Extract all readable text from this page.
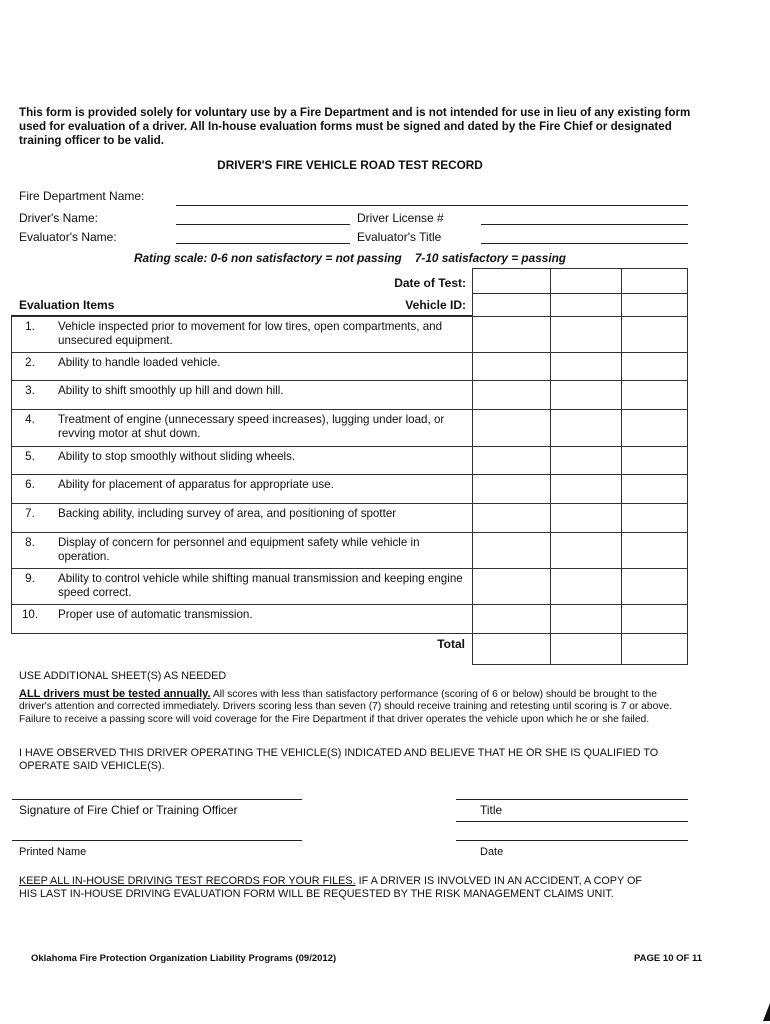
This form is provided solely for voluntary use by a Fire Department and is not intended for use in lieu of any existing form used for evaluation of a driver. All In-house evaluation forms must be signed and dated by the Fire Chief or designated training officer to be valid.
DRIVER'S FIRE VEHICLE ROAD TEST RECORD
Fire Department Name:
Driver's Name:	Driver License #
Evaluator's Name:	Evaluator's Title
Rating scale: 0-6 non satisfactory = not passing    7-10 satisfactory = passing
Date of Test:
Evaluation Items	Vehicle ID:
1.	Vehicle inspected prior to movement for low tires, open compartments, and unsecured equipment.
2.	Ability to handle loaded vehicle.
3.	Ability to shift smoothly up hill and down hill.
4.	Treatment of engine (unnecessary speed increases), lugging under load, or revving motor at shut down.
5.	Ability to stop smoothly without sliding wheels.
6.	Ability for placement of apparatus for appropriate use.
7.	Backing ability, including survey of area, and positioning of spotter
8.	Display of concern for personnel and equipment safety while vehicle in operation.
9.	Ability to control vehicle while shifting manual transmission and keeping engine speed correct.
10.	Proper use of automatic transmission.
Total
USE ADDITIONAL SHEET(S) AS NEEDED
ALL drivers must be tested annually. All scores with less than satisfactory performance (scoring of 6 or below) should be brought to the driver's attention and corrected immediately. Drivers scoring less than seven (7) should receive training and retesting until scoring is 7 or above. Failure to receive a passing score will void coverage for the Fire Department if that driver operates the vehicle upon which he or she failed.
I HAVE OBSERVED THIS DRIVER OPERATING THE VEHICLE(S) INDICATED AND BELIEVE THAT HE OR SHE IS QUALIFIED TO OPERATE SAID VEHICLE(S).
Signature of Fire Chief or Training Officer	Title
Printed Name	Date
KEEP ALL IN-HOUSE DRIVING TEST RECORDS FOR YOUR FILES. IF A DRIVER IS INVOLVED IN AN ACCIDENT, A COPY OF HIS LAST IN-HOUSE DRIVING EVALUATION FORM WILL BE REQUESTED BY THE RISK MANAGEMENT CLAIMS UNIT.
Oklahoma Fire Protection Organization Liability Programs (09/2012)	PAGE 10 OF 11
